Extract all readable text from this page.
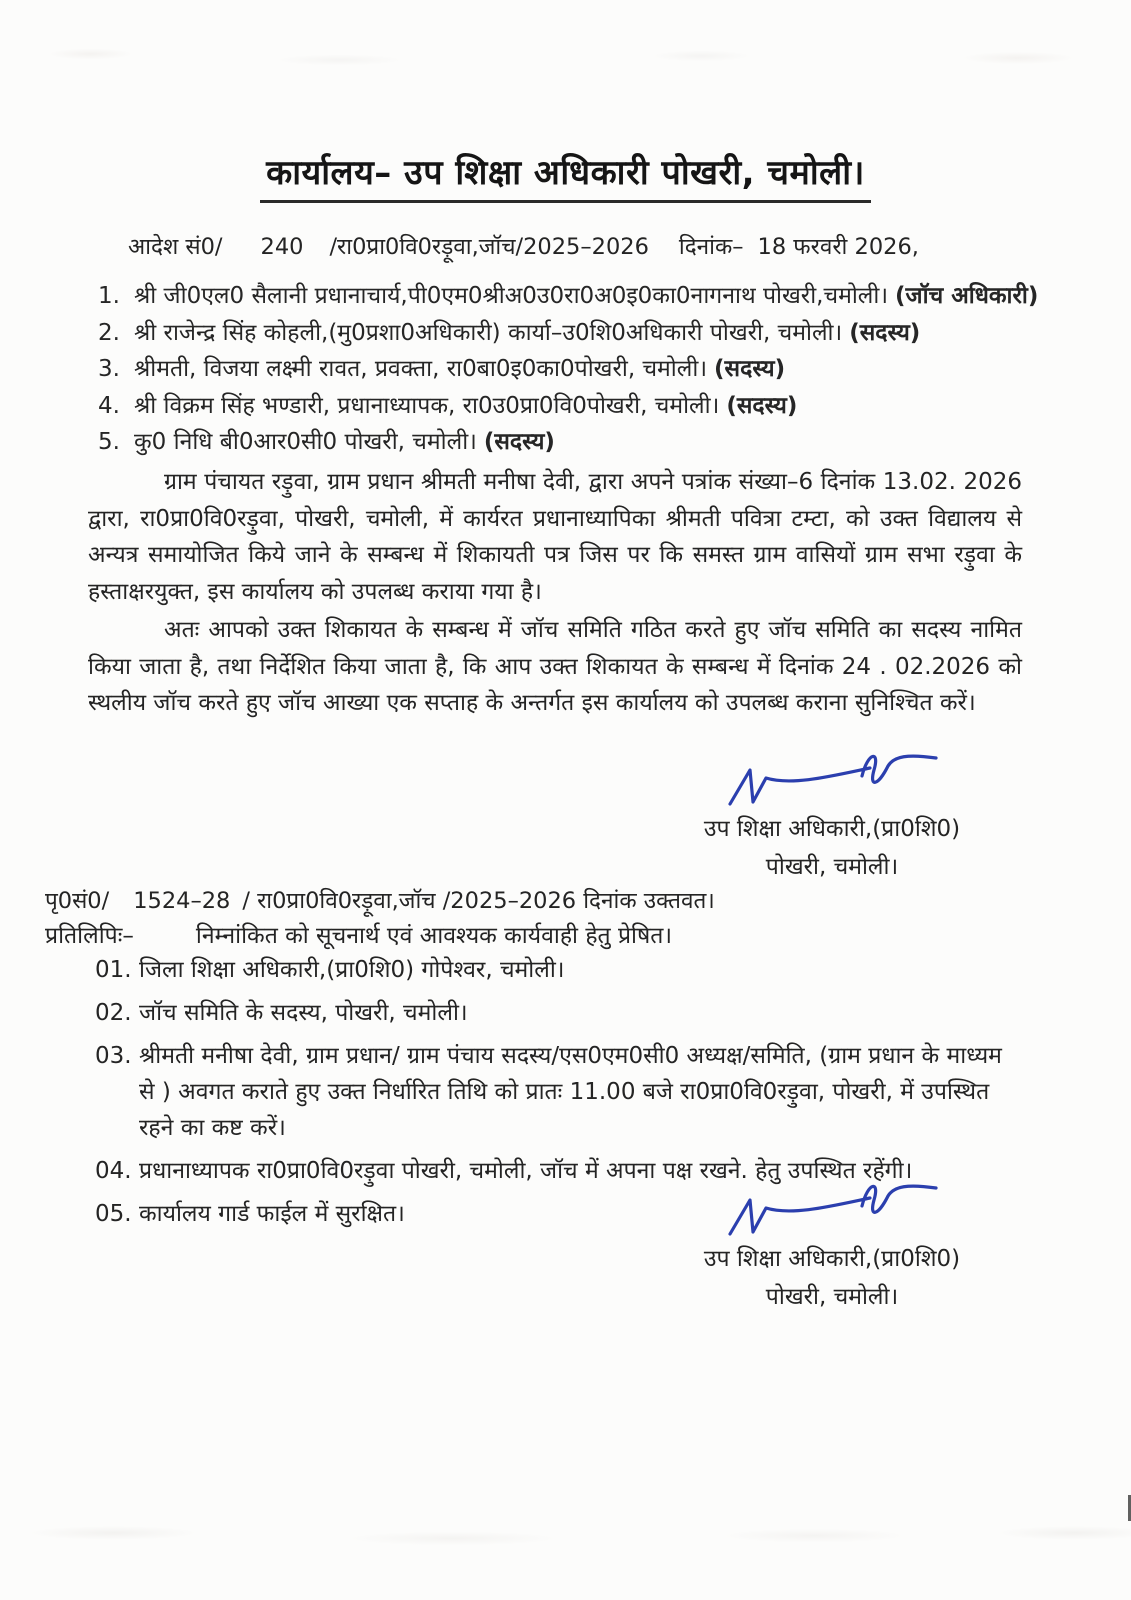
कार्यालय– उप शिक्षा अधिकारी पोखरी, चमोली।
आदेश सं0/ 240 /रा0प्रा0वि0रड़ूवा,जॉच/2025–2026 दिनांक– 18 फरवरी 2026,
1. श्री जी0एल0 सैलानी प्रधानाचार्य,पी0एम0श्रीअ0उ0रा0अ0इ0का0नागनाथ पोखरी,चमोली। (जॉच अधिकारी)
2. श्री राजेन्द्र सिंह कोहली,(मु0प्रशा0अधिकारी) कार्या–उ0शि0अधिकारी पोखरी, चमोली। (सदस्य)
3. श्रीमती, विजया लक्ष्मी रावत, प्रवक्ता, रा0बा0इ0का0पोखरी, चमोली। (सदस्य)
4. श्री विक्रम सिंह भण्डारी, प्रधानाध्यापक, रा0उ0प्रा0वि0पोखरी, चमोली। (सदस्य)
5. कु0 निधि बी0आर0सी0 पोखरी, चमोली। (सदस्य)
ग्राम पंचायत रड़ुवा, ग्राम प्रधान श्रीमती मनीषा देवी, द्वारा अपने पत्रांक संख्या–6 दिनांक 13.02. 2026 द्वारा, रा0प्रा0वि0रड़ुवा, पोखरी, चमोली, में कार्यरत प्रधानाध्यापिका श्रीमती पवित्रा टम्टा, को उक्त विद्यालय से अन्यत्र समायोजित किये जाने के सम्बन्ध में शिकायती पत्र जिस पर कि समस्त ग्राम वासियों ग्राम सभा रड़ुवा के हस्ताक्षरयुक्त, इस कार्यालय को उपलब्ध कराया गया है।
अतः आपको उक्त शिकायत के सम्बन्ध में जॉच समिति गठित करते हुए जॉच समिति का सदस्य नामित किया जाता है, तथा निर्देशित किया जाता है, कि आप उक्त शिकायत के सम्बन्ध में दिनांक 24 . 02.2026 को स्थलीय जॉच करते हुए जॉच आख्या एक सप्ताह के अन्तर्गत इस कार्यालय को उपलब्ध कराना सुनिश्चित करें।
उप शिक्षा अधिकारी,(प्रा0शि0)
पोखरी, चमोली।
पृ0सं0/ 1524–28 / रा0प्रा0वि0रड़ूवा,जॉच /2025–2026 दिनांक उक्तवत।
प्रतिलिपिः–	निम्नांकित को सूचनार्थ एवं आवश्यक कार्यवाही हेतु प्रेषित।
01. जिला शिक्षा अधिकारी,(प्रा0शि0) गोपेश्वर, चमोली।
02. जॉच समिति के सदस्य, पोखरी, चमोली।
03. श्रीमती मनीषा देवी, ग्राम प्रधान/ ग्राम पंचाय सदस्य/एस0एम0सी0 अध्यक्ष/समिति, (ग्राम प्रधान के माध्यम से ) अवगत कराते हुए उक्त निर्धारित तिथि को प्रातः 11.00 बजे रा0प्रा0वि0रड़ुवा, पोखरी, में उपस्थित रहने का कष्ट करें।
04. प्रधानाध्यापक रा0प्रा0वि0रड़ुवा पोखरी, चमोली, जॉच में अपना पक्ष रखने. हेतु उपस्थित रहेंगी।
05. कार्यालय गार्ड फाईल में सुरक्षित।
उप शिक्षा अधिकारी,(प्रा0शि0)
पोखरी, चमोली।
